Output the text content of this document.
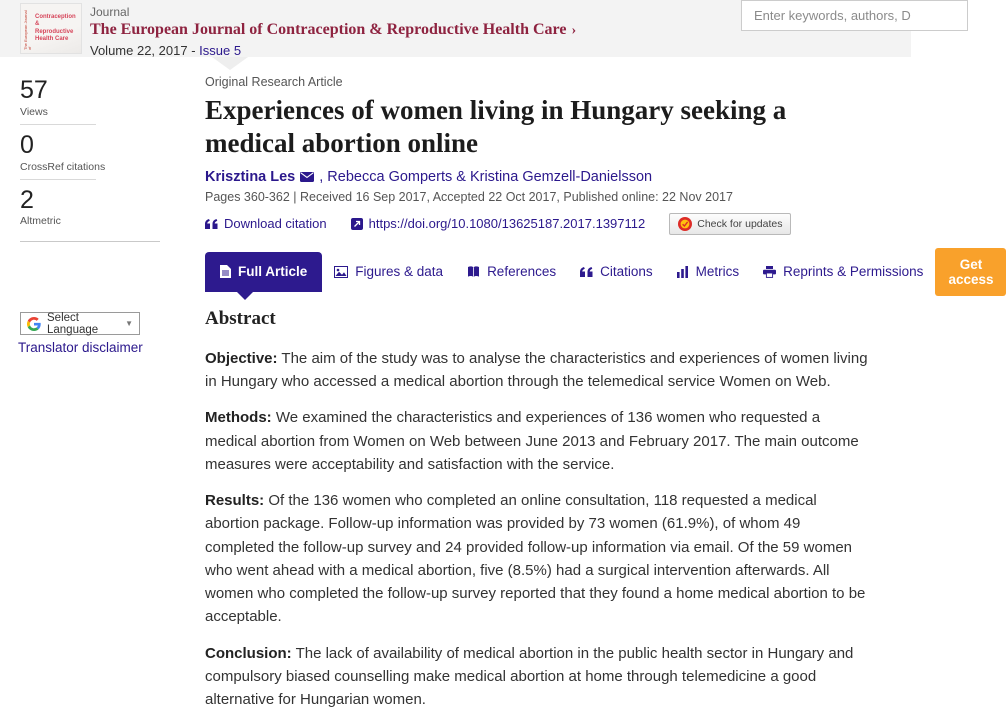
The European Journal of
Contraception & Reproductive Health Care
Journal
The European Journal of Contraception & Reproductive Health Care ›
Volume 22, 2017 - Issue 5
Enter keywords, authors, D
57
Views
0
CrossRef citations
2
Altmetric
Select Language	▼
Translator disclaimer
Original Research Article
Experiences of women living in Hungary seeking a medical abortion online
Krisztina Les , Rebecca Gomperts & Kristina Gemzell-Danielsson
Pages 360-362 | Received 16 Sep 2017, Accepted 22 Oct 2017, Published online: 22 Nov 2017
Download citation	https://doi.org/10.1080/13625187.2017.1397112	Check for updates
Full Article	Figures & data	References	Citations	Metrics	Reprints & Permissions	Get access
Abstract

Objective: The aim of the study was to analyse the characteristics and experiences of women living in Hungary who accessed a medical abortion through the telemedical service Women on Web.

Methods: We examined the characteristics and experiences of 136 women who requested a medical abortion from Women on Web between June 2013 and February 2017. The main outcome measures were acceptability and satisfaction with the service.

Results: Of the 136 women who completed an online consultation, 118 requested a medical abortion package. Follow-up information was provided by 73 women (61.9%), of whom 49 completed the follow-up survey and 24 provided follow-up information via email. Of the 59 women who went ahead with a medical abortion, five (8.5%) had a surgical intervention afterwards. All women who completed the follow-up survey reported that they found a home medical abortion to be acceptable.

Conclusion: The lack of availability of medical abortion in the public health sector in Hungary and compulsory biased counselling make medical abortion at home through telemedicine a good alternative for Hungarian women.
